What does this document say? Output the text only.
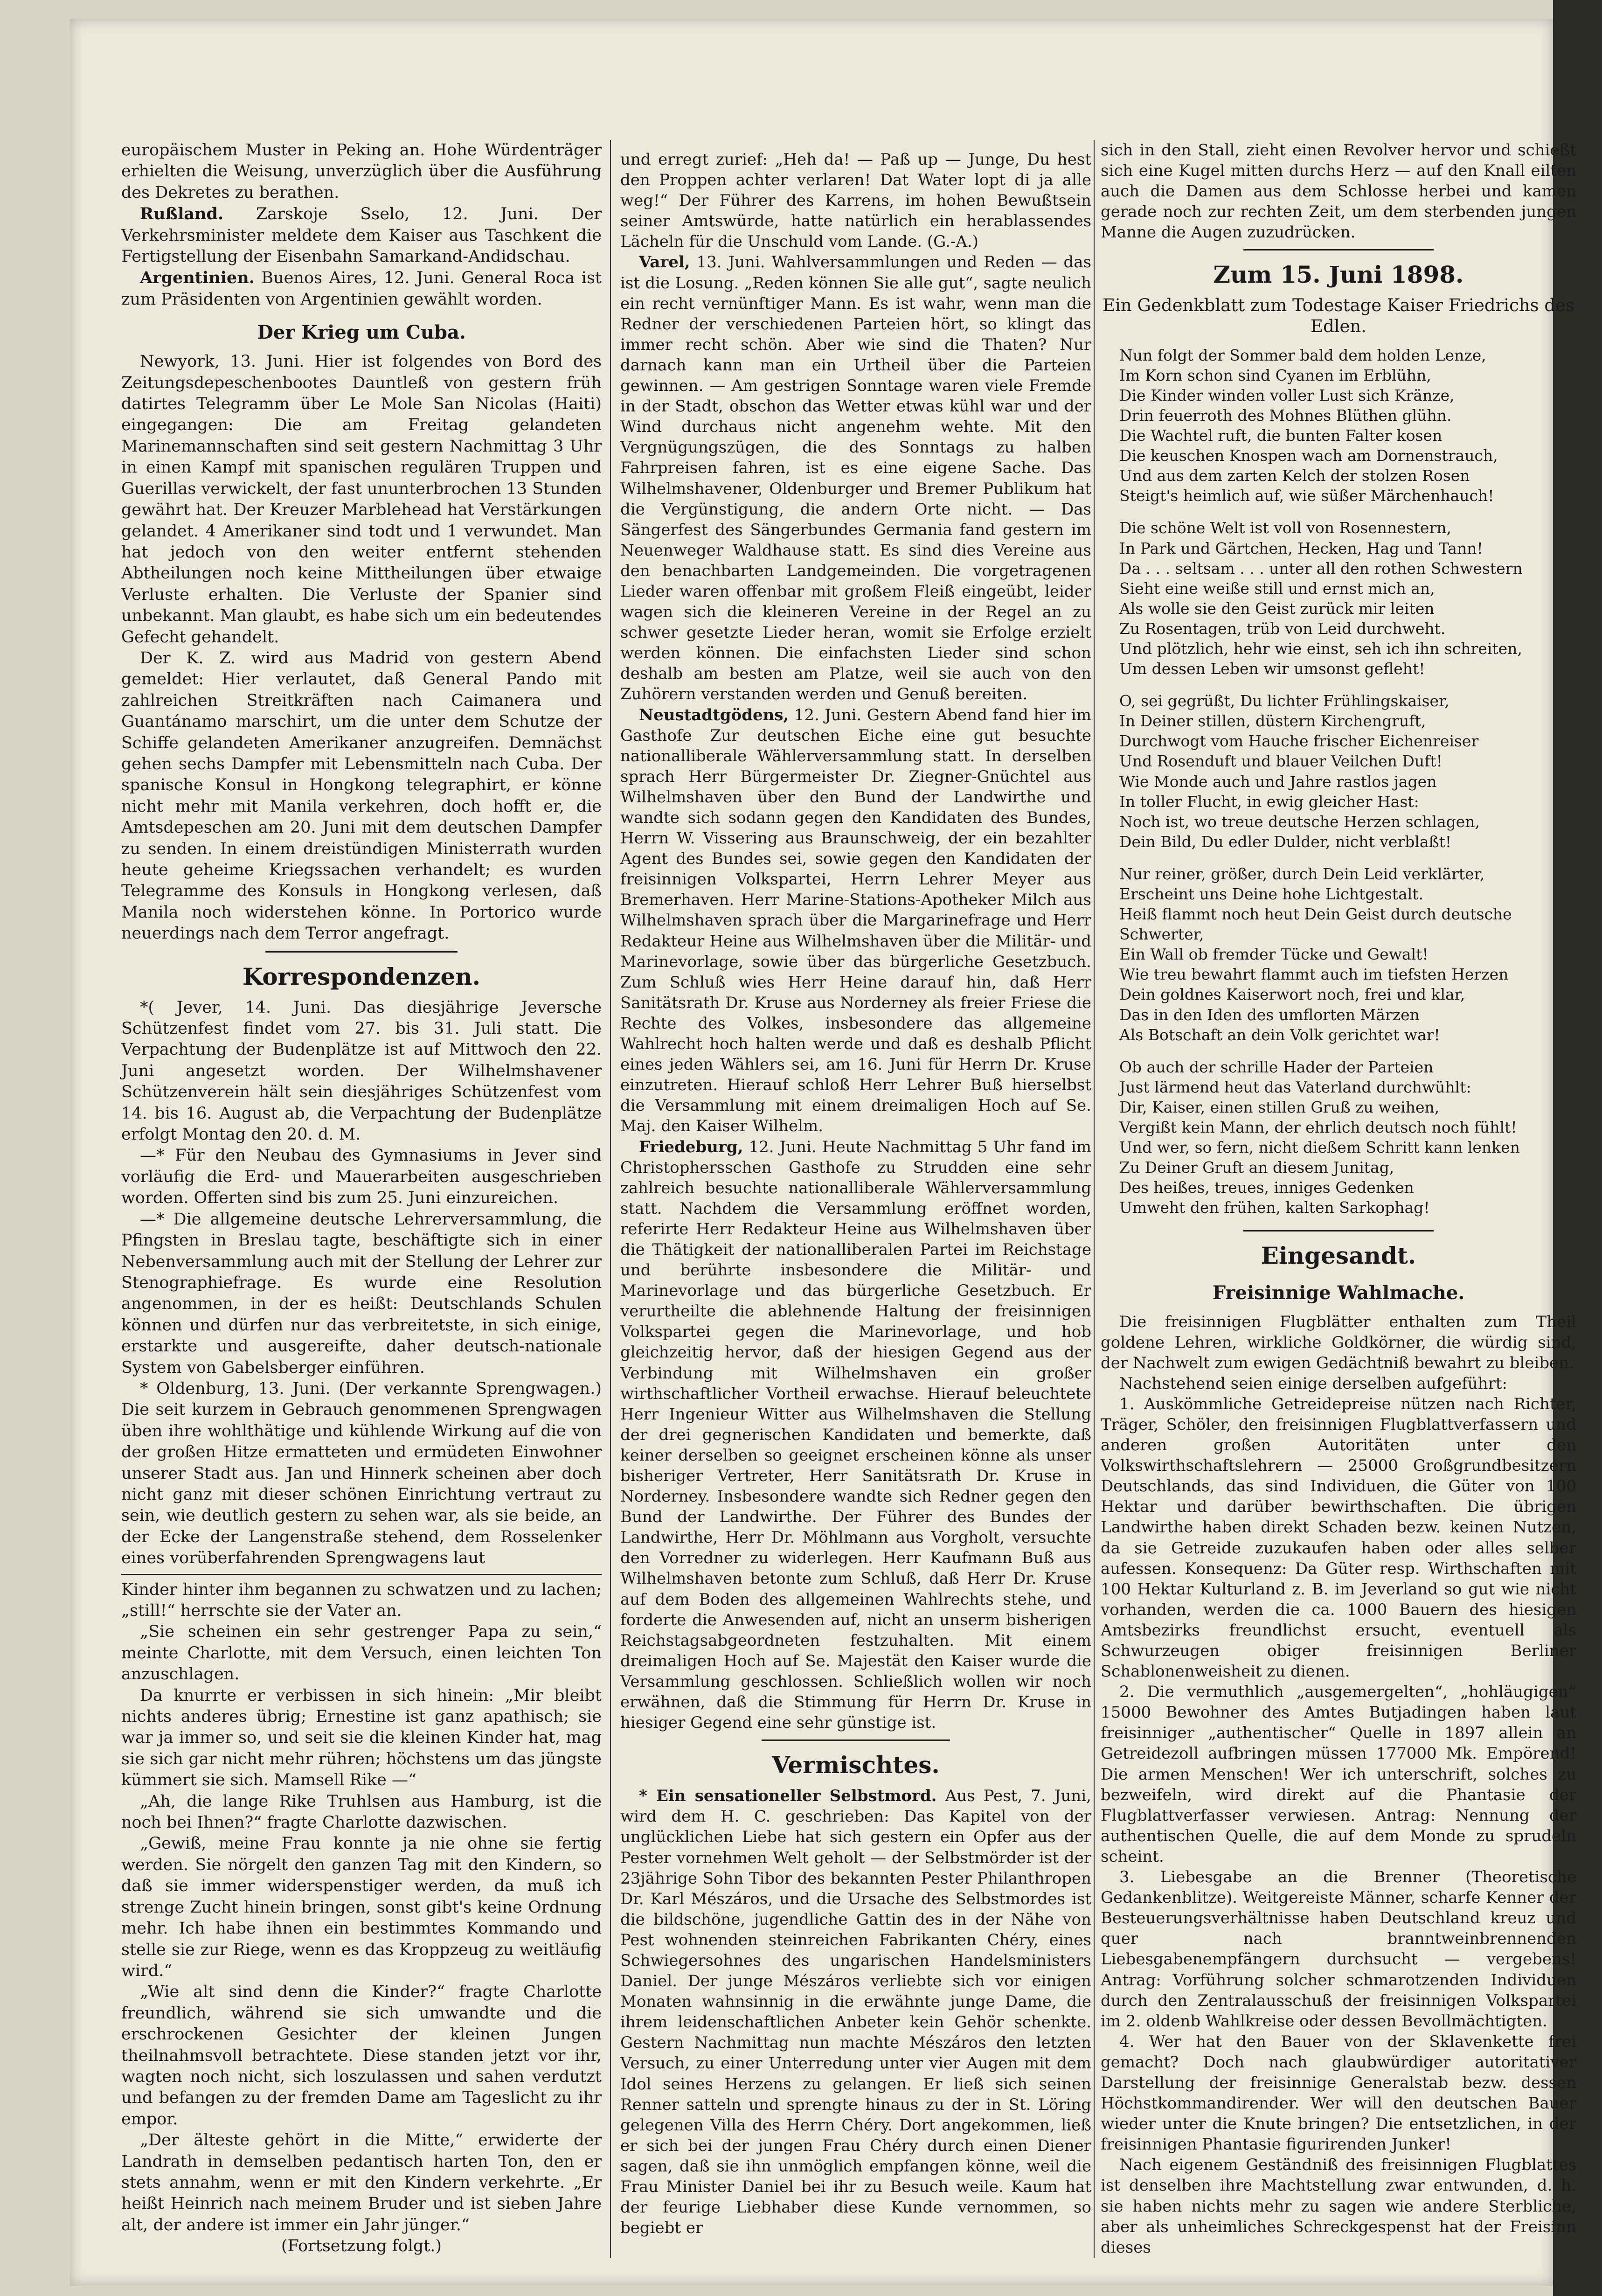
europäischem Muster in Peking an. Hohe Würdenträger erhielten die Weisung, unverzüglich über die Ausführung des Dekretes zu berathen.

Rußland. Zarskoje Sselo, 12. Juni. Der Verkehrsminister meldete dem Kaiser aus Taschkent die Fertigstellung der Eisenbahn Samarkand-Andidschau.

Argentinien. Buenos Aires, 12. Juni. General Roca ist zum Präsidenten von Argentinien gewählt worden.

Der Krieg um Cuba.

Newyork, 13. Juni. Hier ist folgendes von Bord des Zeitungsdepeschenbootes Dauntleß von gestern früh datirtes Telegramm über Le Mole San Nicolas (Haiti) eingegangen: Die am Freitag gelandeten Marinemannschaften sind seit gestern Nachmittag 3 Uhr in einen Kampf mit spanischen regulären Truppen und Guerillas verwickelt, der fast ununterbrochen 13 Stunden gewährt hat. Der Kreuzer Marblehead hat Verstärkungen gelandet. 4 Amerikaner sind todt und 1 verwundet. Man hat jedoch von den weiter entfernt stehenden Abtheilungen noch keine Mittheilungen über etwaige Verluste erhalten. Die Verluste der Spanier sind unbekannt. Man glaubt, es habe sich um ein bedeutendes Gefecht gehandelt.

Der K. Z. wird aus Madrid von gestern Abend gemeldet: Hier verlautet, daß General Pando mit zahlreichen Streitkräften nach Caimanera und Guantánamo marschirt, um die unter dem Schutze der Schiffe gelandeten Amerikaner anzugreifen. Demnächst gehen sechs Dampfer mit Lebensmitteln nach Cuba. Der spanische Konsul in Hongkong telegraphirt, er könne nicht mehr mit Manila verkehren, doch hofft er, die Amtsdepeschen am 20. Juni mit dem deutschen Dampfer zu senden. In einem dreistündigen Ministerrath wurden heute geheime Kriegssachen verhandelt; es wurden Telegramme des Konsuls in Hongkong verlesen, daß Manila noch widerstehen könne. In Portorico wurde neuerdings nach dem Terror angefragt.

Korrespondenzen.

*( Jever, 14. Juni. Das diesjährige Jeversche Schützenfest findet vom 27. bis 31. Juli statt. Die Verpachtung der Budenplätze ist auf Mittwoch den 22. Juni angesetzt worden. Der Wilhelmshavener Schützenverein hält sein diesjähriges Schützenfest vom 14. bis 16. August ab, die Verpachtung der Budenplätze erfolgt Montag den 20. d. M.

—* Für den Neubau des Gymnasiums in Jever sind vorläufig die Erd- und Mauerarbeiten ausgeschrieben worden. Offerten sind bis zum 25. Juni einzureichen.

—* Die allgemeine deutsche Lehrerversammlung, die Pfingsten in Breslau tagte, beschäftigte sich in einer Nebenversammlung auch mit der Stellung der Lehrer zur Stenographiefrage. Es wurde eine Resolution angenommen, in der es heißt: Deutschlands Schulen können und dürfen nur das verbreitetste, in sich einige, erstarkte und ausgereifte, daher deutsch-nationale System von Gabelsberger einführen.

* Oldenburg, 13. Juni. (Der verkannte Sprengwagen.) Die seit kurzem in Gebrauch genommenen Sprengwagen üben ihre wohlthätige und kühlende Wirkung auf die von der großen Hitze ermatteten und ermüdeten Einwohner unserer Stadt aus. Jan und Hinnerk scheinen aber doch nicht ganz mit dieser schönen Einrichtung vertraut zu sein, wie deutlich gestern zu sehen war, als sie beide, an der Ecke der Langenstraße stehend, dem Rosselenker eines vorüberfahrenden Sprengwagens laut

Kinder hinter ihm begannen zu schwatzen und zu lachen; „still!“ herrschte sie der Vater an.

„Sie scheinen ein sehr gestrenger Papa zu sein,“ meinte Charlotte, mit dem Versuch, einen leichten Ton anzuschlagen.

Da knurrte er verbissen in sich hinein: „Mir bleibt nichts anderes übrig; Ernestine ist ganz apathisch; sie war ja immer so, und seit sie die kleinen Kinder hat, mag sie sich gar nicht mehr rühren; höchstens um das jüngste kümmert sie sich. Mamsell Rike —“

„Ah, die lange Rike Truhlsen aus Hamburg, ist die noch bei Ihnen?“ fragte Charlotte dazwischen.

„Gewiß, meine Frau konnte ja nie ohne sie fertig werden. Sie nörgelt den ganzen Tag mit den Kindern, so daß sie immer widerspenstiger werden, da muß ich strenge Zucht hinein bringen, sonst gibt's keine Ordnung mehr. Ich habe ihnen ein bestimmtes Kommando und stelle sie zur Riege, wenn es das Kroppzeug zu weitläufig wird.“

„Wie alt sind denn die Kinder?“ fragte Charlotte freundlich, während sie sich umwandte und die erschrockenen Gesichter der kleinen Jungen theilnahmsvoll betrachtete. Diese standen jetzt vor ihr, wagten noch nicht, sich loszulassen und sahen verdutzt und befangen zu der fremden Dame am Tageslicht zu ihr empor.

„Der älteste gehört in die Mitte,“ erwiderte der Landrath in demselben pedantisch harten Ton, den er stets annahm, wenn er mit den Kindern verkehrte. „Er heißt Heinrich nach meinem Bruder und ist sieben Jahre alt, der andere ist immer ein Jahr jünger.“

(Fortsetzung folgt.)

und erregt zurief: „Heh da! — Paß up — Junge, Du hest den Proppen achter verlaren! Dat Water lopt di ja alle weg!“ Der Führer des Karrens, im hohen Bewußtsein seiner Amtswürde, hatte natürlich ein herablassendes Lächeln für die Unschuld vom Lande. (G.-A.)

Varel, 13. Juni. Wahlversammlungen und Reden — das ist die Losung. „Reden können Sie alle gut“, sagte neulich ein recht vernünftiger Mann. Es ist wahr, wenn man die Redner der verschiedenen Parteien hört, so klingt das immer recht schön. Aber wie sind die Thaten? Nur darnach kann man ein Urtheil über die Parteien gewinnen. — Am gestrigen Sonntage waren viele Fremde in der Stadt, obschon das Wetter etwas kühl war und der Wind durchaus nicht angenehm wehte. Mit den Vergnügungszügen, die des Sonntags zu halben Fahrpreisen fahren, ist es eine eigene Sache. Das Wilhelmshavener, Oldenburger und Bremer Publikum hat die Vergünstigung, die andern Orte nicht. — Das Sängerfest des Sängerbundes Germania fand gestern im Neuenweger Waldhause statt. Es sind dies Vereine aus den benachbarten Landgemeinden. Die vorgetragenen Lieder waren offenbar mit großem Fleiß eingeübt, leider wagen sich die kleineren Vereine in der Regel an zu schwer gesetzte Lieder heran, womit sie Erfolge erzielt werden können. Die einfachsten Lieder sind schon deshalb am besten am Platze, weil sie auch von den Zuhörern verstanden werden und Genuß bereiten.

Neustadtgödens, 12. Juni. Gestern Abend fand hier im Gasthofe Zur deutschen Eiche eine gut besuchte nationalliberale Wählerversammlung statt. In derselben sprach Herr Bürgermeister Dr. Ziegner-Gnüchtel aus Wilhelmshaven über den Bund der Landwirthe und wandte sich sodann gegen den Kandidaten des Bundes, Herrn W. Vissering aus Braunschweig, der ein bezahlter Agent des Bundes sei, sowie gegen den Kandidaten der freisinnigen Volkspartei, Herrn Lehrer Meyer aus Bremerhaven. Herr Marine-Stations-Apotheker Milch aus Wilhelmshaven sprach über die Margarinefrage und Herr Redakteur Heine aus Wilhelmshaven über die Militär- und Marinevorlage, sowie über das bürgerliche Gesetzbuch. Zum Schluß wies Herr Heine darauf hin, daß Herr Sanitätsrath Dr. Kruse aus Norderney als freier Friese die Rechte des Volkes, insbesondere das allgemeine Wahlrecht hoch halten werde und daß es deshalb Pflicht eines jeden Wählers sei, am 16. Juni für Herrn Dr. Kruse einzutreten. Hierauf schloß Herr Lehrer Buß hierselbst die Versammlung mit einem dreimaligen Hoch auf Se. Maj. den Kaiser Wilhelm.

Friedeburg, 12. Juni. Heute Nachmittag 5 Uhr fand im Christophersschen Gasthofe zu Strudden eine sehr zahlreich besuchte nationalliberale Wählerversammlung statt. Nachdem die Versammlung eröffnet worden, referirte Herr Redakteur Heine aus Wilhelmshaven über die Thätigkeit der nationalliberalen Partei im Reichstage und berührte insbesondere die Militär- und Marinevorlage und das bürgerliche Gesetzbuch. Er verurtheilte die ablehnende Haltung der freisinnigen Volkspartei gegen die Marinevorlage, und hob gleichzeitig hervor, daß der hiesigen Gegend aus der Verbindung mit Wilhelmshaven ein großer wirthschaftlicher Vortheil erwachse. Hierauf beleuchtete Herr Ingenieur Witter aus Wilhelmshaven die Stellung der drei gegnerischen Kandidaten und bemerkte, daß keiner derselben so geeignet erscheinen könne als unser bisheriger Vertreter, Herr Sanitätsrath Dr. Kruse in Norderney. Insbesondere wandte sich Redner gegen den Bund der Landwirthe. Der Führer des Bundes der Landwirthe, Herr Dr. Möhlmann aus Vorgholt, versuchte den Vorredner zu widerlegen. Herr Kaufmann Buß aus Wilhelmshaven betonte zum Schluß, daß Herr Dr. Kruse auf dem Boden des allgemeinen Wahlrechts stehe, und forderte die Anwesenden auf, nicht an unserm bisherigen Reichstagsabgeordneten festzuhalten. Mit einem dreimaligen Hoch auf Se. Majestät den Kaiser wurde die Versammlung geschlossen. Schließlich wollen wir noch erwähnen, daß die Stimmung für Herrn Dr. Kruse in hiesiger Gegend eine sehr günstige ist.

Vermischtes.

* Ein sensationeller Selbstmord. Aus Pest, 7. Juni, wird dem H. C. geschrieben: Das Kapitel von der unglücklichen Liebe hat sich gestern ein Opfer aus der Pester vornehmen Welt geholt — der Selbstmörder ist der 23jährige Sohn Tibor des bekannten Pester Philanthropen Dr. Karl Mészáros, und die Ursache des Selbstmordes ist die bildschöne, jugendliche Gattin des in der Nähe von Pest wohnenden steinreichen Fabrikanten Chéry, eines Schwiegersohnes des ungarischen Handelsministers Daniel. Der junge Mészáros verliebte sich vor einigen Monaten wahnsinnig in die erwähnte junge Dame, die ihrem leidenschaftlichen Anbeter kein Gehör schenkte. Gestern Nachmittag nun machte Mészáros den letzten Versuch, zu einer Unterredung unter vier Augen mit dem Idol seines Herzens zu gelangen. Er ließ sich seinen Renner satteln und sprengte hinaus zu der in St. Löring gelegenen Villa des Herrn Chéry. Dort angekommen, ließ er sich bei der jungen Frau Chéry durch einen Diener sagen, daß sie ihn unmöglich empfangen könne, weil die Frau Minister Daniel bei ihr zu Besuch weile. Kaum hat der feurige Liebhaber diese Kunde vernommen, so begiebt er

sich in den Stall, zieht einen Revolver hervor und schießt sich eine Kugel mitten durchs Herz — auf den Knall eilten auch die Damen aus dem Schlosse herbei und kamen gerade noch zur rechten Zeit, um dem sterbenden jungen Manne die Augen zuzudrücken.

Zum 15. Juni 1898.
Ein Gedenkblatt zum Todestage Kaiser Friedrichs des Edlen.
Nun folgt der Sommer bald dem holden Lenze,
Im Korn schon sind Cyanen im Erblühn,
Die Kinder winden voller Lust sich Kränze,
Drin feuerroth des Mohnes Blüthen glühn.
Die Wachtel ruft, die bunten Falter kosen
Die keuschen Knospen wach am Dornenstrauch,
Und aus dem zarten Kelch der stolzen Rosen
Steigt's heimlich auf, wie süßer Märchenhauch!
Die schöne Welt ist voll von Rosennestern,
In Park und Gärtchen, Hecken, Hag und Tann!
Da . . . seltsam . . . unter all den rothen Schwestern
Sieht eine weiße still und ernst mich an,
Als wolle sie den Geist zurück mir leiten
Zu Rosentagen, trüb von Leid durchweht.
Und plötzlich, hehr wie einst, seh ich ihn schreiten,
Um dessen Leben wir umsonst gefleht!
O, sei gegrüßt, Du lichter Frühlingskaiser,
In Deiner stillen, düstern Kirchengruft,
Durchwogt vom Hauche frischer Eichenreiser
Und Rosenduft und blauer Veilchen Duft!
Wie Monde auch und Jahre rastlos jagen
In toller Flucht, in ewig gleicher Hast:
Noch ist, wo treue deutsche Herzen schlagen,
Dein Bild, Du edler Dulder, nicht verblaßt!
Nur reiner, größer, durch Dein Leid verklärter,
Erscheint uns Deine hohe Lichtgestalt.
Heiß flammt noch heut Dein Geist durch deutsche Schwerter,
Ein Wall ob fremder Tücke und Gewalt!
Wie treu bewahrt flammt auch im tiefsten Herzen
Dein goldnes Kaiserwort noch, frei und klar,
Das in den Iden des umflorten Märzen
Als Botschaft an dein Volk gerichtet war!
Ob auch der schrille Hader der Parteien
Just lärmend heut das Vaterland durchwühlt:
Dir, Kaiser, einen stillen Gruß zu weihen,
Vergißt kein Mann, der ehrlich deutsch noch fühlt!
Und wer, so fern, nicht dießem Schritt kann lenken
Zu Deiner Gruft an diesem Junitag,
Des heißes, treues, inniges Gedenken
Umweht den frühen, kalten Sarkophag!
Eingesandt.
Freisinnige Wahlmache.

Die freisinnigen Flugblätter enthalten zum Theil goldene Lehren, wirkliche Goldkörner, die würdig sind, der Nachwelt zum ewigen Gedächtniß bewahrt zu bleiben.

Nachstehend seien einige derselben aufgeführt:

1. Auskömmliche Getreidepreise nützen nach Richter, Träger, Schöler, den freisinnigen Flugblattverfassern und anderen großen Autoritäten unter den Volkswirthschaftslehrern — 25000 Großgrundbesitzern Deutschlands, das sind Individuen, die Güter von 100 Hektar und darüber bewirthschaften. Die übrigen Landwirthe haben direkt Schaden bezw. keinen Nutzen, da sie Getreide zuzukaufen haben oder alles selber aufessen. Konsequenz: Da Güter resp. Wirthschaften mit 100 Hektar Kulturland z. B. im Jeverland so gut wie nicht vorhanden, werden die ca. 1000 Bauern des hiesigen Amtsbezirks freundlichst ersucht, eventuell als Schwurzeugen obiger freisinnigen Berliner Schablonenweisheit zu dienen.

2. Die vermuthlich „ausgemergelten“, „hohläugigen“ 15000 Bewohner des Amtes Butjadingen haben laut freisinniger „authentischer“ Quelle in 1897 allein an Getreidezoll aufbringen müssen 177000 Mk. Empörend! Die armen Menschen! Wer ich unterschrift, solches zu bezweifeln, wird direkt auf die Phantasie der Flugblattverfasser verwiesen. Antrag: Nennung der authentischen Quelle, die auf dem Monde zu sprudeln scheint.

3. Liebesgabe an die Brenner (Theoretische Gedankenblitze). Weitgereiste Männer, scharfe Kenner der Besteuerungsverhältnisse haben Deutschland kreuz und quer nach branntweinbrennenden Liebesgabenempfängern durchsucht — vergebens! Antrag: Vorführung solcher schmarotzenden Individuen durch den Zentralausschuß der freisinnigen Volkspartei im 2. oldenb Wahlkreise oder dessen Bevollmächtigten.

4. Wer hat den Bauer von der Sklavenkette frei gemacht? Doch nach glaubwürdiger autoritativer Darstellung der freisinnige Generalstab bezw. dessen Höchstkommandirender. Wer will den deutschen Bauer wieder unter die Knute bringen? Die entsetzlichen, in der freisinnigen Phantasie figurirenden Junker!

Nach eigenem Geständniß des freisinnigen Flugblattes ist denselben ihre Machtstellung zwar entwunden, d. h. sie haben nichts mehr zu sagen wie andere Sterbliche, aber als unheimliches Schreckgespenst hat der Freisinn dieses
